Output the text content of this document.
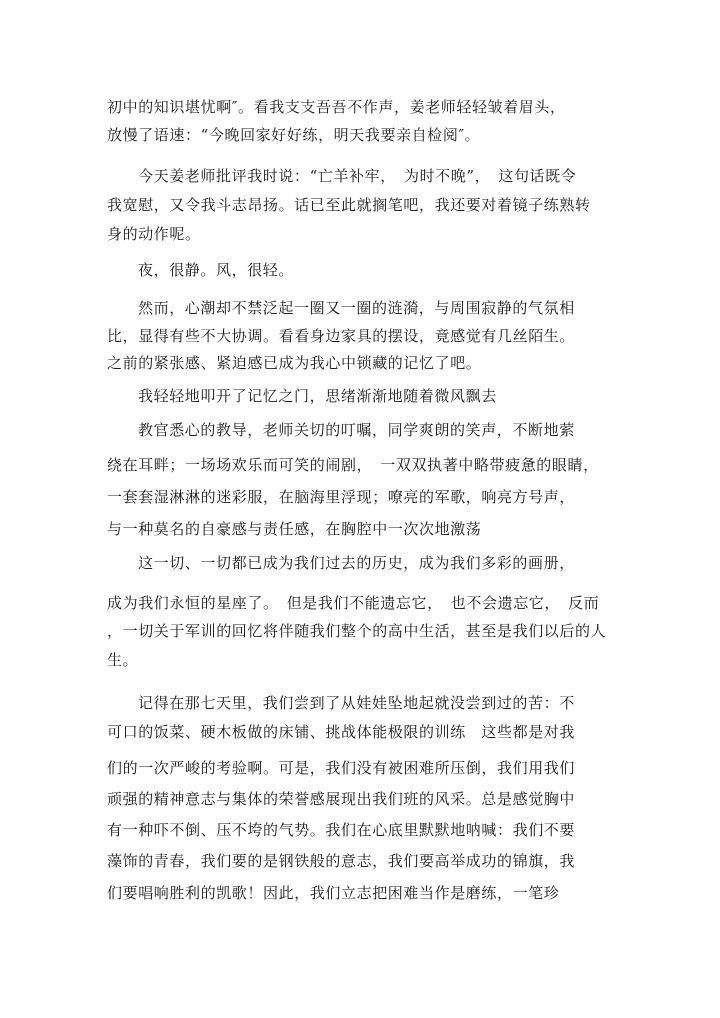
初中的知识堪忧啊″。看我支支吾吾不作声，姜老师轻轻皱着眉头，
放慢了语速：“今晚回家好好练，明天我要亲自检阅″。
今天姜老师批评我时说：“亡羊补牢，　为时不晚”，　这句话既令
我宽慰，又令我斗志昂扬。话已至此就搁笔吧，我还要对着镜子练熟转
身的动作呢。
夜，很静。风，很轻。
然而，心潮却不禁泛起一圈又一圈的涟漪，与周围寂静的气氛相
比，显得有些不大协调。看看身边家具的摆设，竟感觉有几丝陌生。
之前的紧张感、紧迫感已成为我心中锁藏的记忆了吧。
我轻轻地叩开了记忆之门，思绪渐渐地随着微风飘去
教官悉心的教导，老师关切的叮嘱，同学爽朗的笑声，不断地萦
绕在耳畔；一场场欢乐而可笑的闹剧，　一双双执著中略带疲惫的眼睛，
一套套湿淋淋的迷彩服，在脑海里浮现；嘹亮的军歌，响亮方号声，
与一种莫名的自豪感与责任感，在胸腔中一次次地激荡
这一切、一切都已成为我们过去的历史，成为我们多彩的画册，
成为我们永恒的星座了。　但是我们不能遗忘它，　也不会遗忘它，　反而
，一切关于军训的回忆将伴随我们整个的高中生活，甚至是我们以后的人
生。
记得在那七天里，我们尝到了从娃娃坠地起就没尝到过的苦：不
可口的饭菜、硬木板做的床铺、挑战体能极限的训练　这些都是对我
们的一次严峻的考验啊。可是，我们没有被困难所压倒，我们用我们
顽强的精神意志与集体的荣誉感展现出我们班的风采。总是感觉胸中
有一种吓不倒、压不垮的气势。我们在心底里默默地呐喊：我们不要
藻饰的青春，我们要的是钢铁般的意志，我们要高举成功的锦旗，我
们要唱响胜利的凯歌！因此，我们立志把困难当作是磨练，一笔珍
